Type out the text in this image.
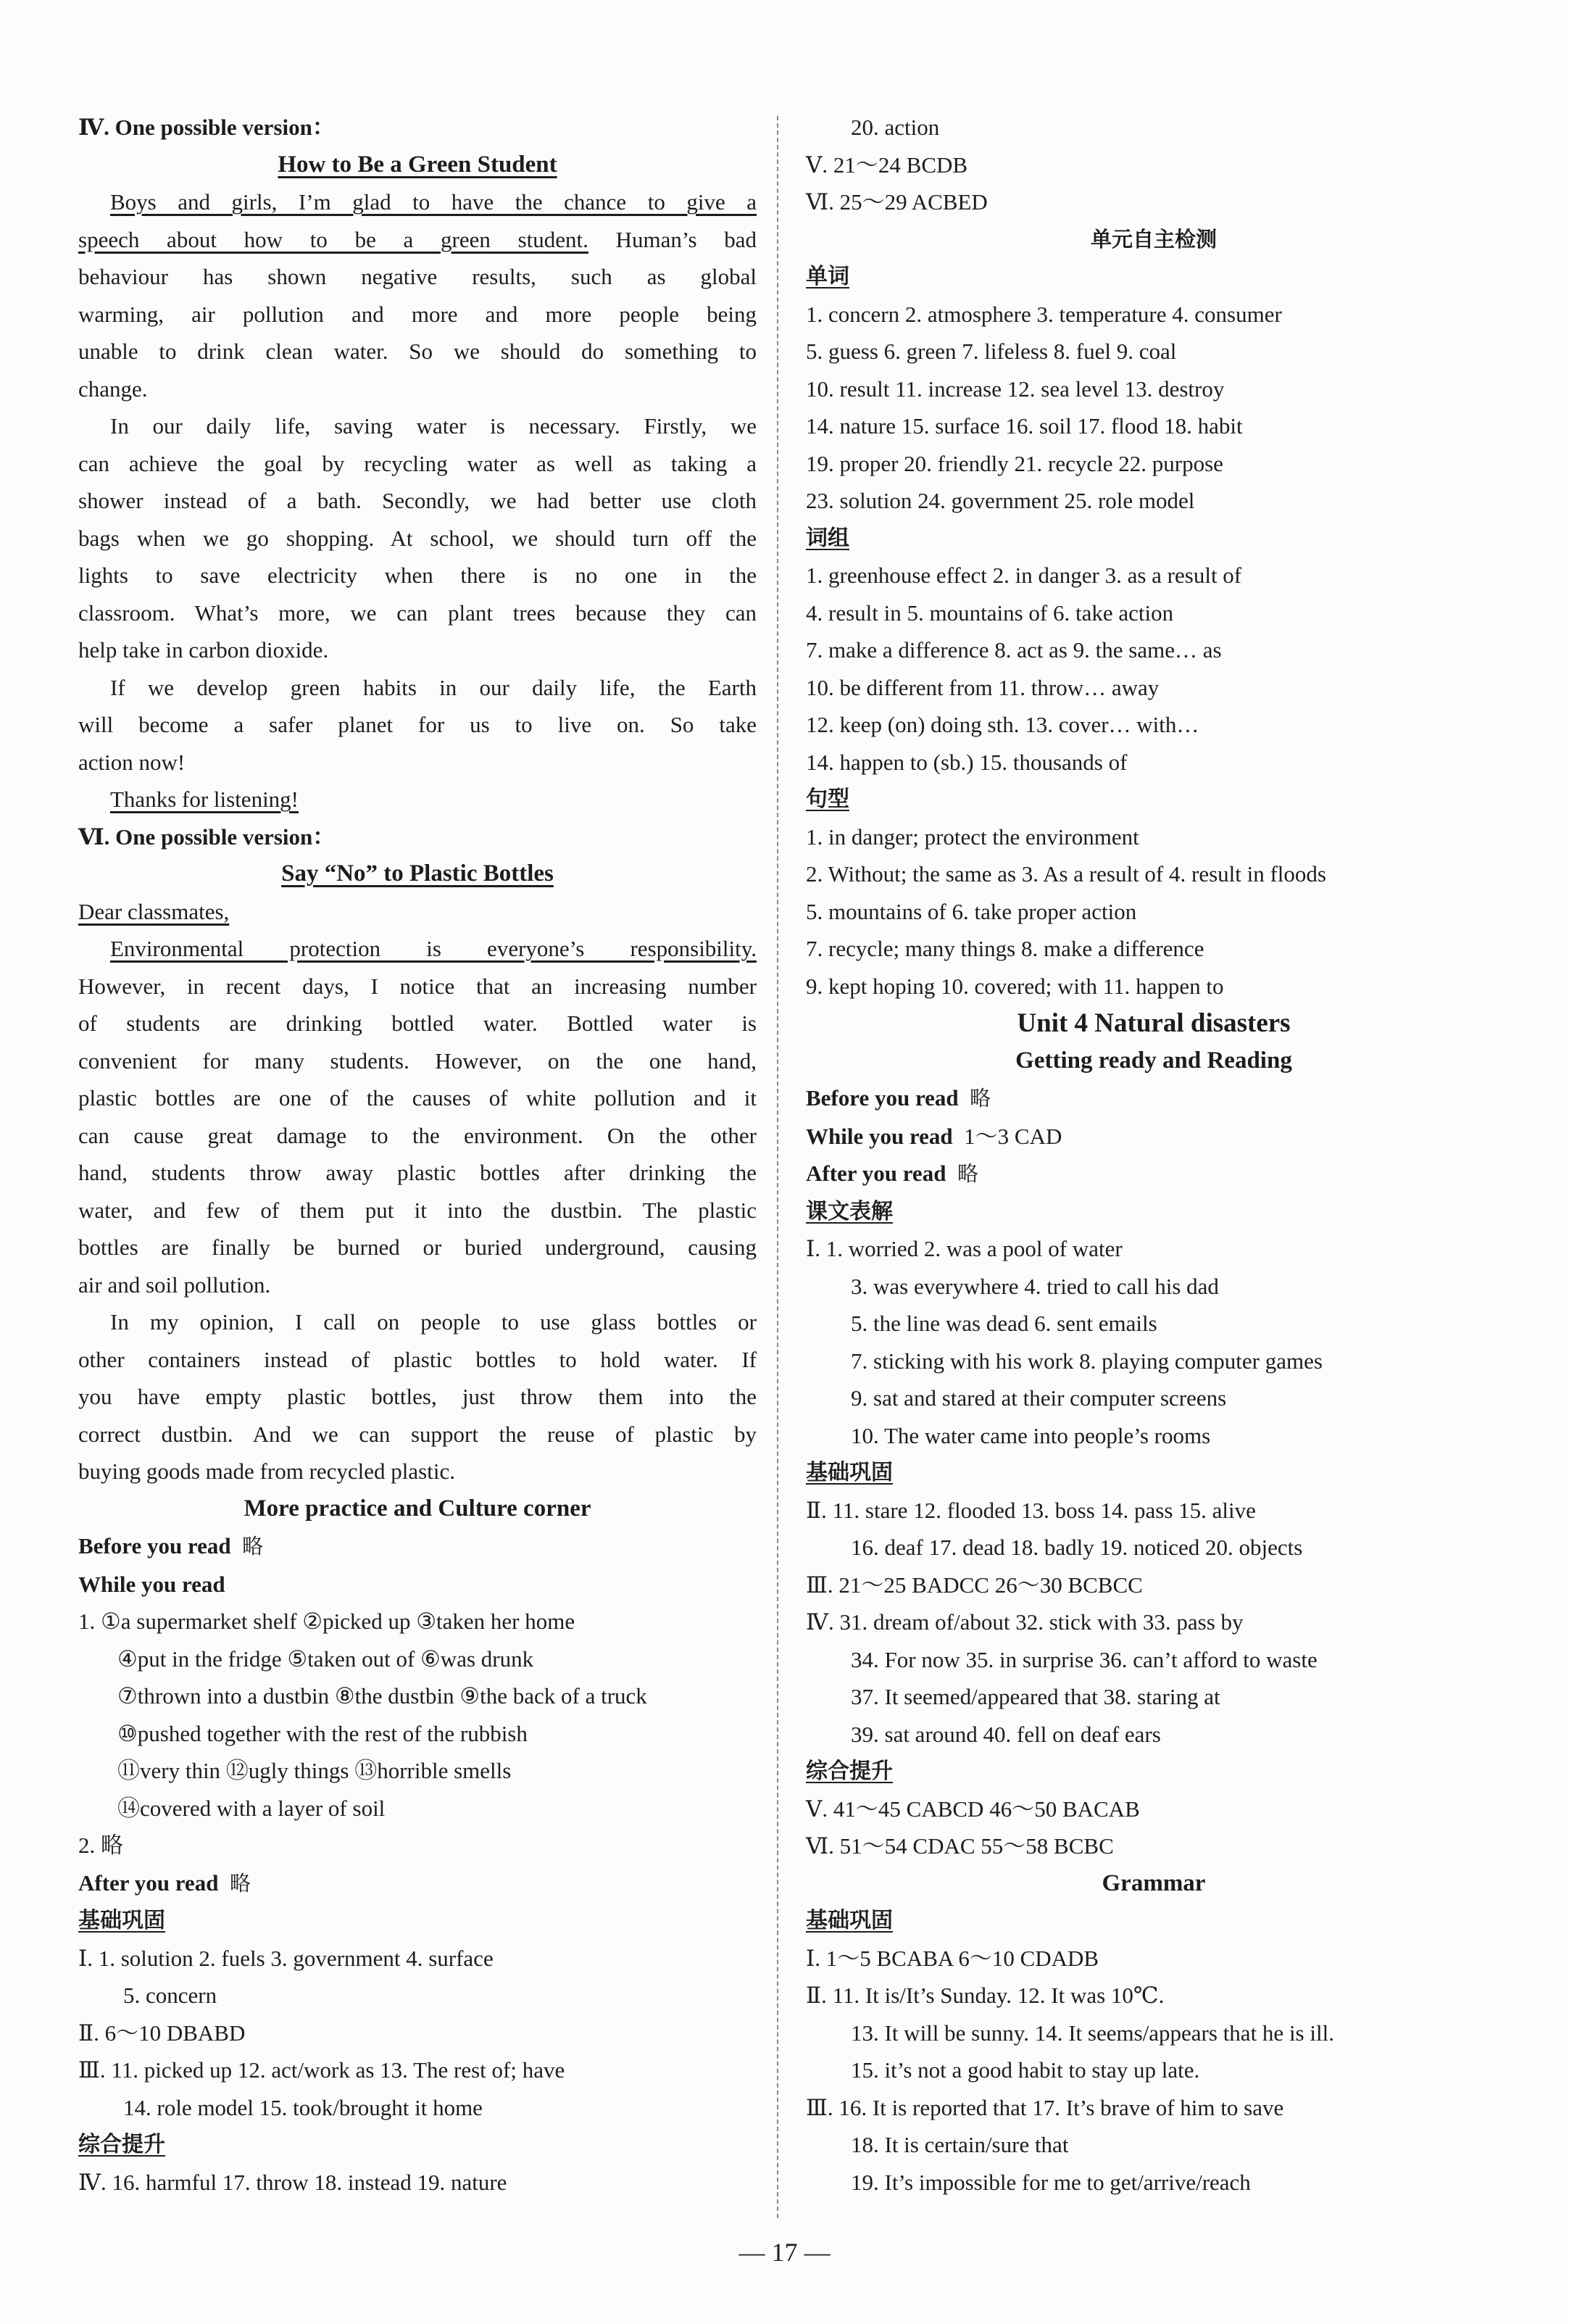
Ⅳ. One possible version：
How to Be a Green Student
Boys and girls, I’m glad to have the chance to give a
speech about how to be a green student. Human’s bad
behaviour has shown negative results, such as global
warming, air pollution and more and more people being
unable to drink clean water. So we should do something to
change.
In our daily life, saving water is necessary. Firstly, we
can achieve the goal by recycling water as well as taking a
shower instead of a bath. Secondly, we had better use cloth
bags when we go shopping. At school, we should turn off the
lights to save electricity when there is no one in the
classroom. What’s more, we can plant trees because they can
help take in carbon dioxide.
If we develop green habits in our daily life, the Earth
will become a safer planet for us to live on. So take
action now!
Thanks for listening!
Ⅵ. One possible version：
Say “No” to Plastic Bottles
Dear classmates,
Environmental protection is everyone’s responsibility.
However, in recent days, I notice that an increasing number
of students are drinking bottled water. Bottled water is
convenient for many students. However, on the one hand,
plastic bottles are one of the causes of white pollution and it
can cause great damage to the environment. On the other
hand, students throw away plastic bottles after drinking the
water, and few of them put it into the dustbin. The plastic
bottles are finally be burned or buried underground, causing
air and soil pollution.
In my opinion, I call on people to use glass bottles or
other containers instead of plastic bottles to hold water. If
you have empty plastic bottles, just throw them into the
correct dustbin. And we can support the reuse of plastic by
buying goods made from recycled plastic.
More practice and Culture corner
Before you read 略
While you read
1. ①a supermarket shelf ②picked up ③taken her home
④put in the fridge ⑤taken out of ⑥was drunk
⑦thrown into a dustbin ⑧the dustbin ⑨the back of a truck
⑩pushed together with the rest of the rubbish
⑪very thin ⑫ugly things ⑬horrible smells
⑭covered with a layer of soil
2. 略
After you read 略
基础巩固
Ⅰ. 1. solution 2. fuels 3. government 4. surface
5. concern
Ⅱ. 6～10 DBABD
Ⅲ. 11. picked up 12. act/work as 13. The rest of; have
14. role model 15. took/brought it home
综合提升
Ⅳ. 16. harmful 17. throw 18. instead 19. nature
20. action
Ⅴ. 21～24 BCDB
Ⅵ. 25～29 ACBED
单元自主检测
单词
1. concern 2. atmosphere 3. temperature 4. consumer
5. guess 6. green 7. lifeless 8. fuel 9. coal
10. result 11. increase 12. sea level 13. destroy
14. nature 15. surface 16. soil 17. flood 18. habit
19. proper 20. friendly 21. recycle 22. purpose
23. solution 24. government 25. role model
词组
1. greenhouse effect 2. in danger 3. as a result of
4. result in 5. mountains of 6. take action
7. make a difference 8. act as 9. the same… as
10. be different from 11. throw… away
12. keep (on) doing sth. 13. cover… with…
14. happen to (sb.) 15. thousands of
句型
1. in danger; protect the environment
2. Without; the same as 3. As a result of 4. result in floods
5. mountains of 6. take proper action
7. recycle; many things 8. make a difference
9. kept hoping 10. covered; with 11. happen to
Unit 4 Natural disasters
Getting ready and Reading
Before you read 略
While you read 1～3 CAD
After you read 略
课文表解
Ⅰ. 1. worried 2. was a pool of water
3. was everywhere 4. tried to call his dad
5. the line was dead 6. sent emails
7. sticking with his work 8. playing computer games
9. sat and stared at their computer screens
10. The water came into people’s rooms
基础巩固
Ⅱ. 11. stare 12. flooded 13. boss 14. pass 15. alive
16. deaf 17. dead 18. badly 19. noticed 20. objects
Ⅲ. 21～25 BADCC 26～30 BCBCC
Ⅳ. 31. dream of/about 32. stick with 33. pass by
34. For now 35. in surprise 36. can’t afford to waste
37. It seemed/appeared that 38. staring at
39. sat around 40. fell on deaf ears
综合提升
Ⅴ. 41～45 CABCD 46～50 BACAB
Ⅵ. 51～54 CDAC 55～58 BCBC
Grammar
基础巩固
Ⅰ. 1～5 BCABA 6～10 CDADB
Ⅱ. 11. It is/It’s Sunday. 12. It was 10℃.
13. It will be sunny. 14. It seems/appears that he is ill.
15. it’s not a good habit to stay up late.
Ⅲ. 16. It is reported that 17. It’s brave of him to save
18. It is certain/sure that
19. It’s impossible for me to get/arrive/reach
— 17 —
